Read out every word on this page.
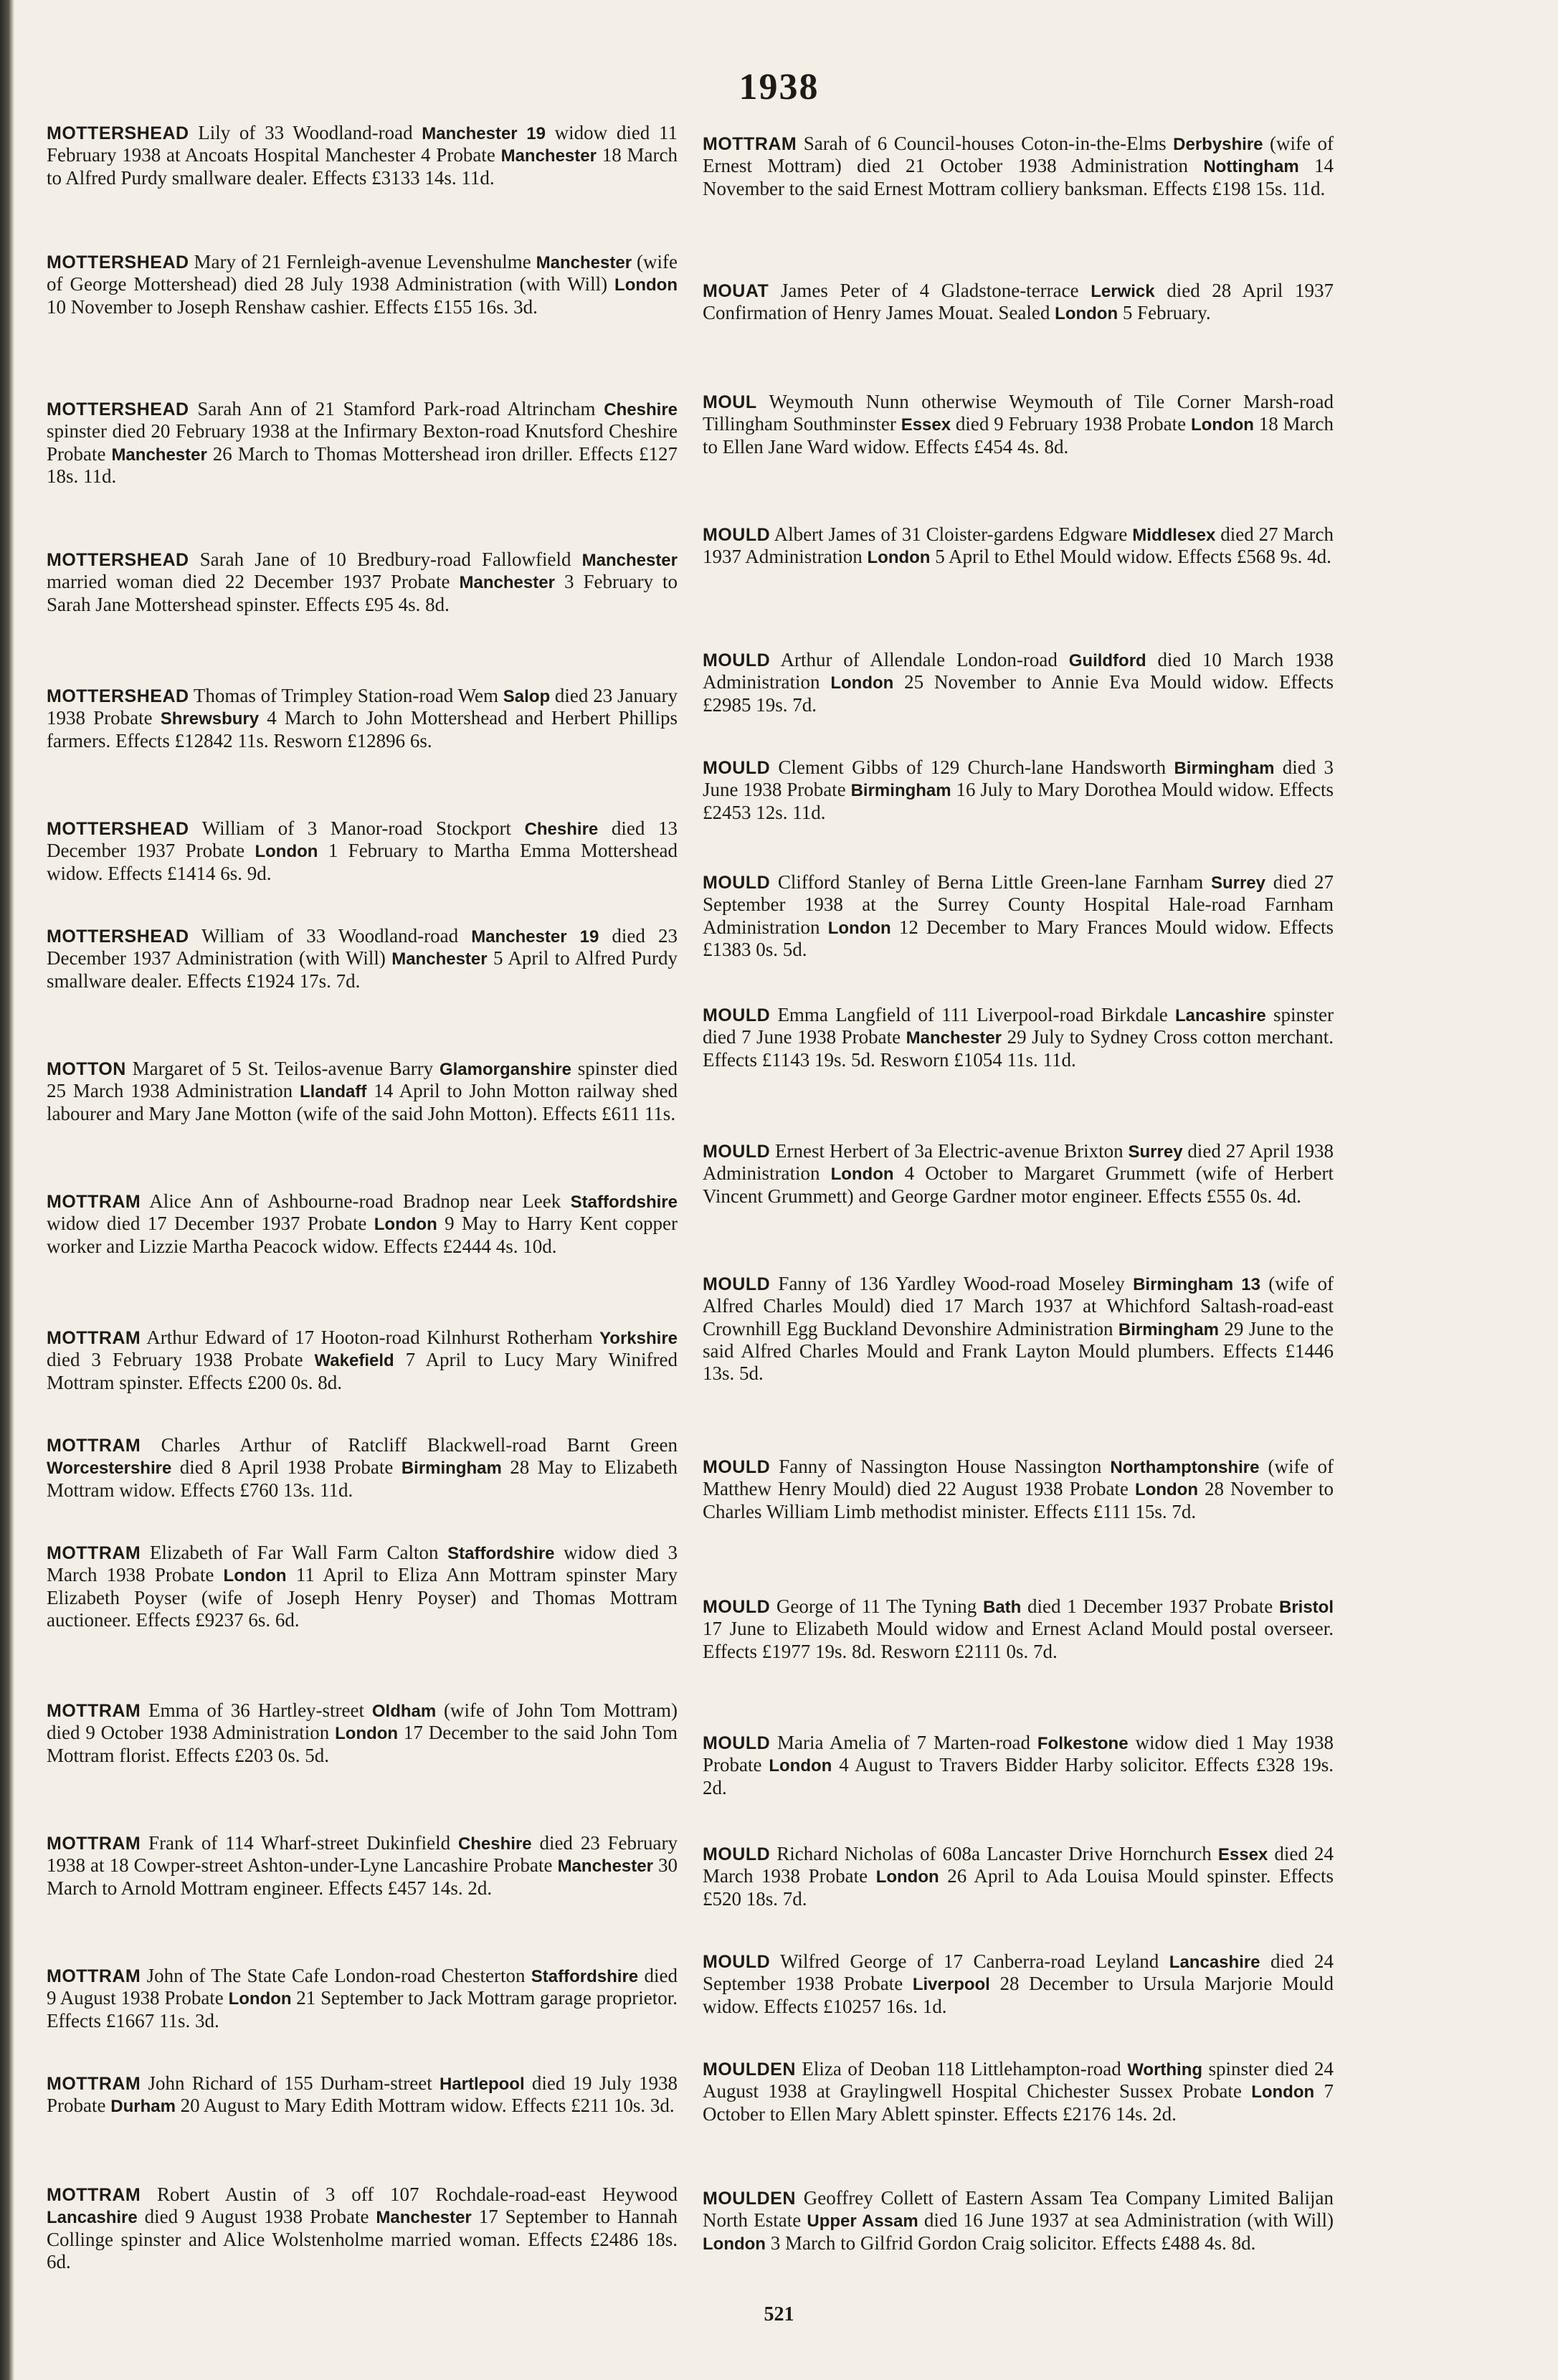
1938
521
MOTTERSHEAD Lily of 33 Woodland-road Manchester 19 widow died 11 February 1938 at Ancoats Hospital Manchester 4 Probate Manchester 18 March to Alfred Purdy smallware dealer. Effects £3133 14s. 11d.
MOTTERSHEAD Mary of 21 Fernleigh-avenue Levenshulme Manchester (wife of George Mottershead) died 28 July 1938 Administration (with Will) London 10 November to Joseph Renshaw cashier. Effects £155 16s. 3d.
MOTTERSHEAD Sarah Ann of 21 Stamford Park-road Altrincham Cheshire spinster died 20 February 1938 at the Infirmary Bexton-road Knutsford Cheshire Probate Manchester 26 March to Thomas Mottershead iron driller. Effects £127 18s. 11d.
MOTTERSHEAD Sarah Jane of 10 Bredbury-road Fallowfield Manchester married woman died 22 December 1937 Probate Manchester 3 February to Sarah Jane Mottershead spinster. Effects £95 4s. 8d.
MOTTERSHEAD Thomas of Trimpley Station-road Wem Salop died 23 January 1938 Probate Shrewsbury 4 March to John Mottershead and Herbert Phillips farmers. Effects £12842 11s. Resworn £12896 6s.
MOTTERSHEAD William of 3 Manor-road Stockport Cheshire died 13 December 1937 Probate London 1 February to Martha Emma Mottershead widow. Effects £1414 6s. 9d.
MOTTERSHEAD William of 33 Woodland-road Manchester 19 died 23 December 1937 Administration (with Will) Manchester 5 April to Alfred Purdy smallware dealer. Effects £1924 17s. 7d.
MOTTON Margaret of 5 St. Teilos-avenue Barry Glamorganshire spinster died 25 March 1938 Administration Llandaff 14 April to John Motton railway shed labourer and Mary Jane Motton (wife of the said John Motton). Effects £611 11s.
MOTTRAM Alice Ann of Ashbourne-road Bradnop near Leek Staffordshire widow died 17 December 1937 Probate London 9 May to Harry Kent copper worker and Lizzie Martha Peacock widow. Effects £2444 4s. 10d.
MOTTRAM Arthur Edward of 17 Hooton-road Kilnhurst Rotherham Yorkshire died 3 February 1938 Probate Wakefield 7 April to Lucy Mary Winifred Mottram spinster. Effects £200 0s. 8d.
MOTTRAM Charles Arthur of Ratcliff Blackwell-road Barnt Green Worcestershire died 8 April 1938 Probate Birmingham 28 May to Elizabeth Mottram widow. Effects £760 13s. 11d.
MOTTRAM Elizabeth of Far Wall Farm Calton Staffordshire widow died 3 March 1938 Probate London 11 April to Eliza Ann Mottram spinster Mary Elizabeth Poyser (wife of Joseph Henry Poyser) and Thomas Mottram auctioneer. Effects £9237 6s. 6d.
MOTTRAM Emma of 36 Hartley-street Oldham (wife of John Tom Mottram) died 9 October 1938 Administration London 17 December to the said John Tom Mottram florist. Effects £203 0s. 5d.
MOTTRAM Frank of 114 Wharf-street Dukinfield Cheshire died 23 February 1938 at 18 Cowper-street Ashton-under-Lyne Lancashire Probate Manchester 30 March to Arnold Mottram engineer. Effects £457 14s. 2d.
MOTTRAM John of The State Cafe London-road Chesterton Staffordshire died 9 August 1938 Probate London 21 September to Jack Mottram garage proprietor. Effects £1667 11s. 3d.
MOTTRAM John Richard of 155 Durham-street Hartlepool died 19 July 1938 Probate Durham 20 August to Mary Edith Mottram widow. Effects £211 10s. 3d.
MOTTRAM Robert Austin of 3 off 107 Rochdale-road-east Heywood Lancashire died 9 August 1938 Probate Manchester 17 September to Hannah Collinge spinster and Alice Wolstenholme married woman. Effects £2486 18s. 6d.
MOTTRAM Sarah of 6 Council-houses Coton-in-the-Elms Derbyshire (wife of Ernest Mottram) died 21 October 1938 Administration Nottingham 14 November to the said Ernest Mottram colliery banksman. Effects £198 15s. 11d.
MOUAT James Peter of 4 Gladstone-terrace Lerwick died 28 April 1937 Confirmation of Henry James Mouat. Sealed London 5 February.
MOUL Weymouth Nunn otherwise Weymouth of Tile Corner Marsh-road Tillingham Southminster Essex died 9 February 1938 Probate London 18 March to Ellen Jane Ward widow. Effects £454 4s. 8d.
MOULD Albert James of 31 Cloister-gardens Edgware Middlesex died 27 March 1937 Administration London 5 April to Ethel Mould widow. Effects £568 9s. 4d.
MOULD Arthur of Allendale London-road Guildford died 10 March 1938 Administration London 25 November to Annie Eva Mould widow. Effects £2985 19s. 7d.
MOULD Clement Gibbs of 129 Church-lane Handsworth Birmingham died 3 June 1938 Probate Birmingham 16 July to Mary Dorothea Mould widow. Effects £2453 12s. 11d.
MOULD Clifford Stanley of Berna Little Green-lane Farnham Surrey died 27 September 1938 at the Surrey County Hospital Hale-road Farnham Administration London 12 December to Mary Frances Mould widow. Effects £1383 0s. 5d.
MOULD Emma Langfield of 111 Liverpool-road Birkdale Lancashire spinster died 7 June 1938 Probate Manchester 29 July to Sydney Cross cotton merchant. Effects £1143 19s. 5d. Resworn £1054 11s. 11d.
MOULD Ernest Herbert of 3a Electric-avenue Brixton Surrey died 27 April 1938 Administration London 4 October to Margaret Grummett (wife of Herbert Vincent Grummett) and George Gardner motor engineer. Effects £555 0s. 4d.
MOULD Fanny of 136 Yardley Wood-road Moseley Birmingham 13 (wife of Alfred Charles Mould) died 17 March 1937 at Whichford Saltash-road-east Crownhill Egg Buckland Devonshire Administration Birmingham 29 June to the said Alfred Charles Mould and Frank Layton Mould plumbers. Effects £1446 13s. 5d.
MOULD Fanny of Nassington House Nassington Northamptonshire (wife of Matthew Henry Mould) died 22 August 1938 Probate London 28 November to Charles William Limb methodist minister. Effects £111 15s. 7d.
MOULD George of 11 The Tyning Bath died 1 December 1937 Probate Bristol 17 June to Elizabeth Mould widow and Ernest Acland Mould postal overseer. Effects £1977 19s. 8d. Resworn £2111 0s. 7d.
MOULD Maria Amelia of 7 Marten-road Folkestone widow died 1 May 1938 Probate London 4 August to Travers Bidder Harby solicitor. Effects £328 19s. 2d.
MOULD Richard Nicholas of 608a Lancaster Drive Hornchurch Essex died 24 March 1938 Probate London 26 April to Ada Louisa Mould spinster. Effects £520 18s. 7d.
MOULD Wilfred George of 17 Canberra-road Leyland Lancashire died 24 September 1938 Probate Liverpool 28 December to Ursula Marjorie Mould widow. Effects £10257 16s. 1d.
MOULDEN Eliza of Deoban 118 Littlehampton-road Worthing spinster died 24 August 1938 at Graylingwell Hospital Chichester Sussex Probate London 7 October to Ellen Mary Ablett spinster. Effects £2176 14s. 2d.
MOULDEN Geoffrey Collett of Eastern Assam Tea Company Limited Balijan North Estate Upper Assam died 16 June 1937 at sea Administration (with Will) London 3 March to Gilfrid Gordon Craig solicitor. Effects £488 4s. 8d.
